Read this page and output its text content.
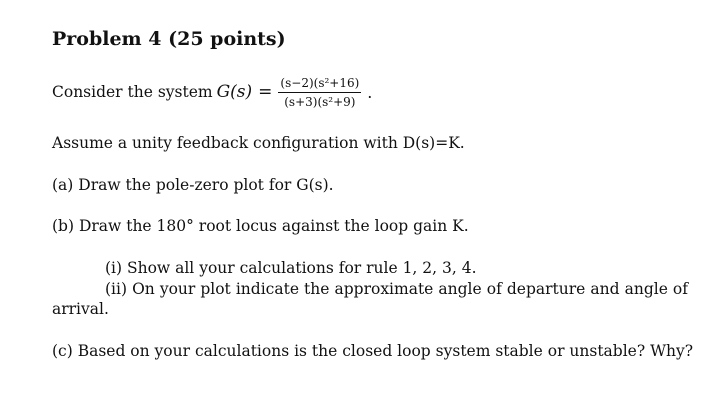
Problem 4 (25 points)
Consider the system $G(s) = \frac{\text{(s−2)(s²+16)}}{\text{(s+3)(s²+9)}}$ .
Assume a unity feedback configuration with D(s)=K.
(a) Draw the pole-zero plot for G(s).
(b) Draw the 180° root locus against the loop gain K.
(i) Show all your calculations for rule 1, 2, 3, 4.
(ii) On your plot indicate the approximate angle of departure and angle of
arrival.
(c) Based on your calculations is the closed loop system stable or unstable? Why?
